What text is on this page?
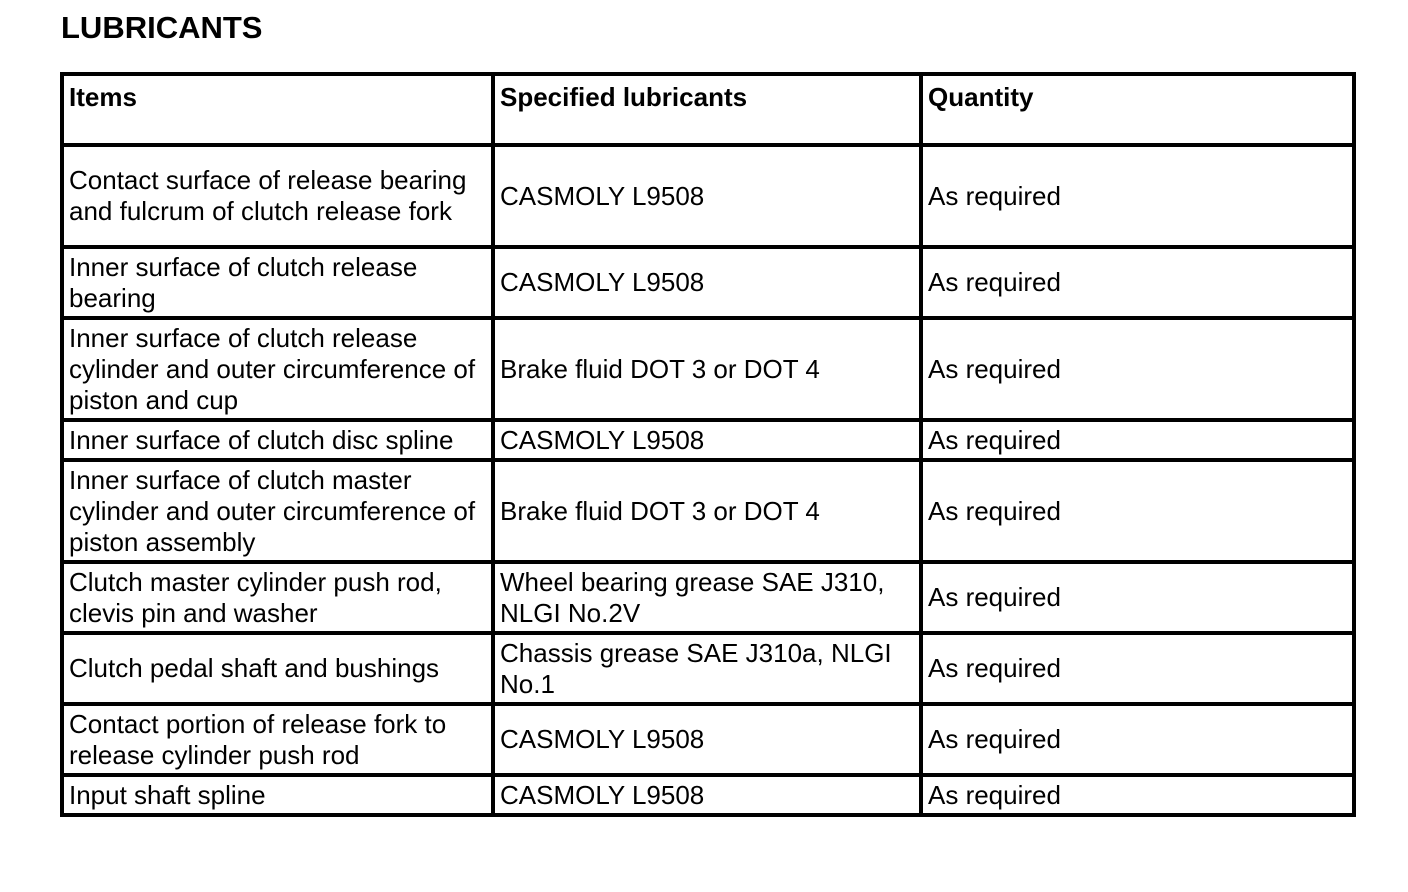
LUBRICANTS
Items	Specified lubricants	Quantity
Contact surface of release bearing and fulcrum of clutch release fork	CASMOLY L9508	As required
Inner surface of clutch release bearing	CASMOLY L9508	As required
Inner surface of clutch release cylinder and outer circumference of piston and cup	Brake fluid DOT 3 or DOT 4	As required
Inner surface of clutch disc spline	CASMOLY L9508	As required
Inner surface of clutch master cylinder and outer circumference of piston assembly	Brake fluid DOT 3 or DOT 4	As required
Clutch master cylinder push rod, clevis pin and washer	Wheel bearing grease SAE J310, NLGI No.2V	As required
Clutch pedal shaft and bushings	Chassis grease SAE J310a, NLGI No.1	As required
Contact portion of release fork to release cylinder push rod	CASMOLY L9508	As required
Input shaft spline	CASMOLY L9508	As required
